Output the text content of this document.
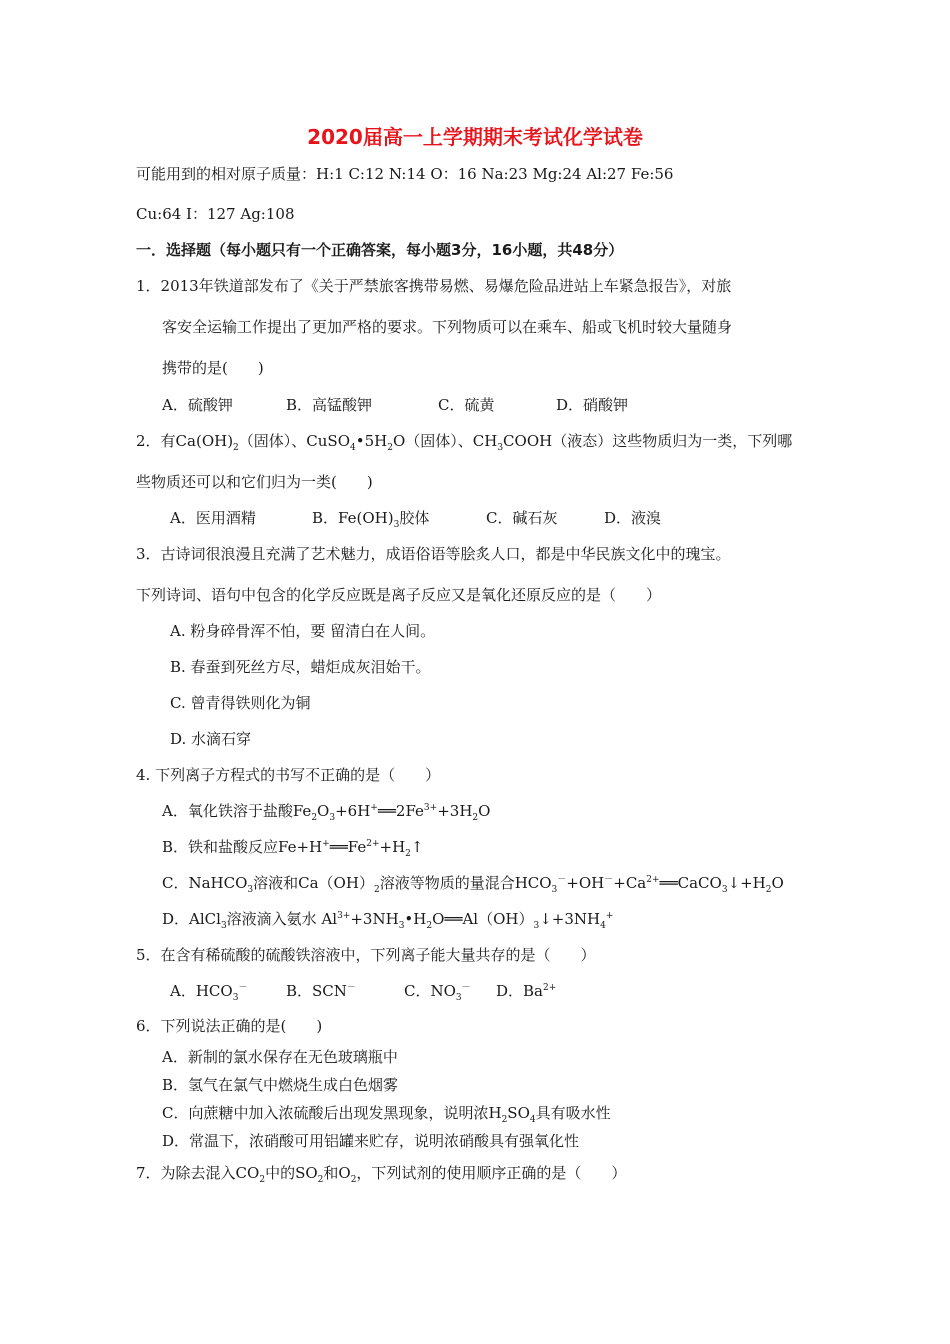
2020届高一上学期期末考试化学试卷
可能用到的相对原子质量：H:1 C:12 N:14 O：16 Na:23 Mg:24 Al:27 Fe:56
Cu:64 I：127 Ag:108
一．选择题（每小题只有一个正确答案，每小题3分，16小题，共48分）
1．2013年铁道部发布了《关于严禁旅客携带易燃、易爆危险品进站上车紧急报告》，对旅
客安全运输工作提出了更加严格的要求。下列物质可以在乘车、船或飞机时较大量随身
携带的是(　　)
A．硫酸钾	B．高锰酸钾	C．硫黄	D．硝酸钾
2．有$Ca(OH)_2$（固体）、$CuSO_4•5H_2O$（固体）、$CH_3COOH$（液态）这些物质归为一类，下列哪
些物质还可以和它们归为一类(　　)
A．医用酒精	B．$Fe(OH)_3$胶体	C．碱石灰	D．液溴
3．古诗词很浪漫且充满了艺术魅力，成语俗语等脍炙人口，都是中华民族文化中的瑰宝。
下列诗词、语句中包含的化学反应既是离子反应又是氧化还原反应的是（　　）
A. 粉身碎骨浑不怕，要 留清白在人间。
B. 春蚕到死丝方尽，蜡炬成灰泪始干。
C. 曾青得铁则化为铜
D. 水滴石穿
4. 下列离子方程式的书写不正确的是（　　）
A．氧化铁溶于盐酸$Fe_2O_3+6H^+══2Fe^{3+}+3H_2O$
B．铁和盐酸反应$Fe+H^+══Fe^{2+}+H_2↑$
C．NaHCO$_3$溶液和$Ca(OH)_2$溶液等物质的量混合$HCO_3^-+OH^-+Ca^{2+}══CaCO_3↓+H_2O$
D．AlCl$_3$溶液滴入氨水 $Al^{3+}+3NH_3•H_2O══Al(OH)_3↓+3NH_4^+$
5．在含有稀硫酸的硫酸铁溶液中，下列离子能大量共存的是（　　）
A．$HCO_3^-$	B．SCN－	C．$NO_3^-$ D．$Ba^{2+}$
6．下列说法正确的是(　　)
A．新制的氯水保存在无色玻璃瓶中
B．氢气在氯气中燃烧生成白色烟雾
C．向蔗糖中加入浓硫酸后出现发黑现象，说明浓$H_2SO_4$具有吸水性
D．常温下，浓硝酸可用铝罐来贮存，说明浓硝酸具有强氧化性
7．为除去混入$CO_2$中的$SO_2$和$O_2$，下列试剂的使用顺序正确的是（　　）
